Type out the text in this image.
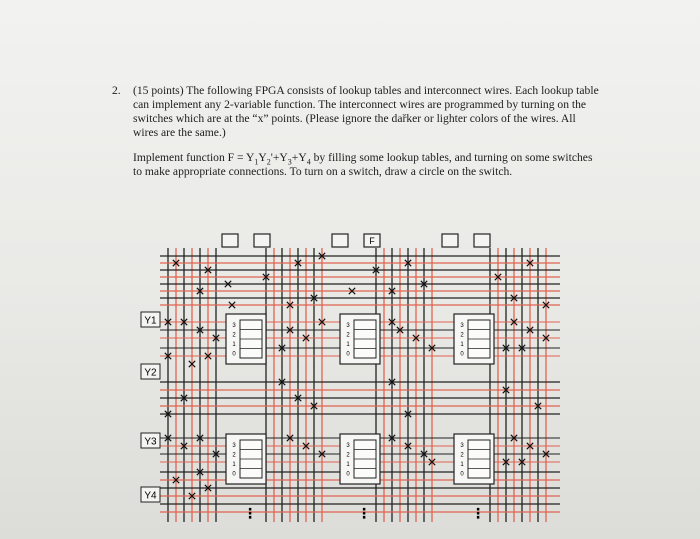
2. (15 points) The following FPGA consists of lookup tables and interconnect wires. Each lookup table can implement any 2-variable function. The interconnect wires are programmed by turning on the switches which are at the “x” points. (Please ignore the dařker or lighter colors of the wires. All wires are the same.)

Implement function $F = Y_1Y_2'+Y_3+Y_4$ by filling some lookup tables, and turning on some switches to make appropriate connections. To turn on a switch, draw a circle on the switch.

F
Y1
Y2
Y3
Y4
3
2
1
0
3
2
1
0
3
2
1
0
3
2
1
0
3
2
1
0
3
2
1
0
⋮	⋮	⋮
